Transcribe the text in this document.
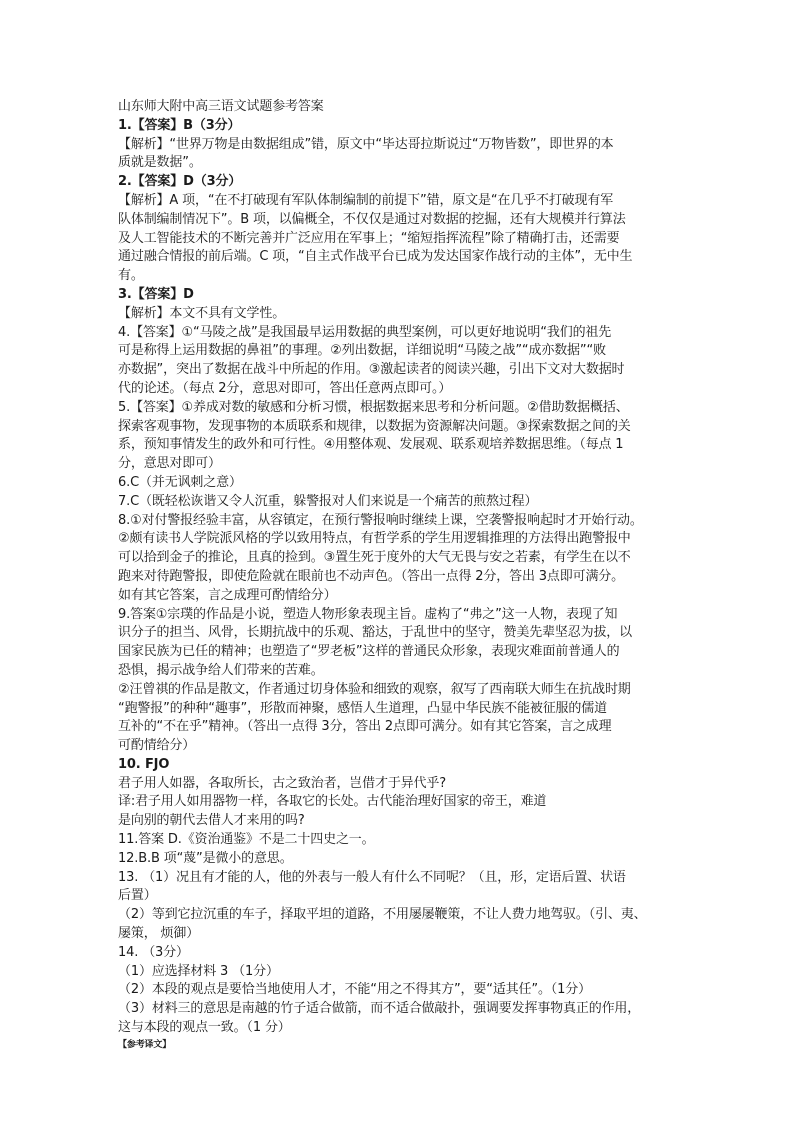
山东师大附中高三语文试题参考答案
1.【答案】B（3分）
【解析】“世界万物是由数据组成”错，原文中“毕达哥拉斯说过“万物皆数”，即世界的本
质就是数据”。
2.【答案】D（3分）
【解析】A 项，“在不打破现有军队体制编制的前提下”错，原文是“在几乎不打破现有军
队体制编制情况下”。B 项，以偏概全，不仅仅是通过对数据的挖掘，还有大规模并行算法
及人工智能技术的不断完善并广泛应用在军事上；“缩短指挥流程”除了精确打击，还需要
通过融合情报的前后端。C 项，“自主式作战平台已成为发达国家作战行动的主体”，无中生
有。
3.【答案】D
【解析】本文不具有文学性。
4.【答案】①“马陵之战”是我国最早运用数据的典型案例，可以更好地说明“我们的祖先
可是称得上运用数据的鼻祖”的事理。②列出数据，详细说明“马陵之战”“成亦数据”“败
亦数据”，突出了数据在战斗中所起的作用。③激起读者的阅读兴趣，引出下文对大数据时
代的论述。（每点 2分，意思对即可，答出任意两点即可。）
5.【答案】①养成对数的敏感和分析习惯，根据数据来思考和分析问题。②借助数据概括、
探索客观事物，发现事物的本质联系和规律，以数据为资源解决问题。③探索数据之间的关
系，预知事情发生的政外和可行性。④用整体观、发展观、联系观培养数据思维。（每点 1
分，意思对即可）
6.C（并无讽刺之意）
7.C（既轻松诙谐又令人沉重，躲警报对人们来说是一个痛苦的煎熬过程）
8.①对付警报经验丰富，从容镇定，在预行警报响时继续上课，空袭警报响起时才开始行动。
②颇有读书人学院派风格的学以致用特点，有哲学系的学生用逻辑推理的方法得出跑警报中
可以拾到金子的推论，且真的捡到。③置生死于度外的大气无畏与安之若素，有学生在以不
跑来对待跑警报，即使危险就在眼前也不动声色。（答出一点得 2分，答出 3点即可满分。
如有其它答案，言之成理可酌情给分）
9.答案①宗璞的作品是小说，塑造人物形象表现主旨。虚构了“弗之”这一人物，表现了知
识分子的担当、风骨，长期抗战中的乐观、豁达，于乱世中的坚守，赞美先辈坚忍为拔，以
国家民族为已任的精神；也塑造了“罗老板”这样的普通民众形象，表现灾难面前普通人的
恐惧，揭示战争给人们带来的苦难。
②汪曾祺的作品是散文，作者通过切身体验和细致的观察，叙写了西南联大师生在抗战时期
“跑警报”的种种“趣事”，形散而神聚，感悟人生道理，凸显中华民族不能被征服的儒道
互补的“不在乎”精神。（答出一点得 3分，答出 2点即可满分。如有其它答案，言之成理
可酌情给分）
10. FJO
君子用人如器，各取所长，古之致治者，岂借才于异代乎?
译:君子用人如用器物一样，各取它的长处。古代能治理好国家的帝王，难道
是向别的朝代去借人才来用的吗?
11.答案 D.《资治通鉴》不是二十四史之一。
12.B.B 项“蔑”是微小的意思。
13. （1）况且有才能的人，他的外表与一般人有什么不同呢？（且，形，定语后置、状语
后置）
（2）等到它拉沉重的车子，择取平坦的道路，不用屡屡鞭策，不让人费力地驾驭。（引、夷、
屡策， 烦御）
14. （3分）
（1）应选择材料 3 （1分）
（2）本段的观点是要恰当地使用人才，不能“用之不得其方”，要“适其任”。（1分）
（3）材料三的意思是南越的竹子适合做箭，而不适合做敲扑，强调要发挥事物真正的作用，
这与本段的观点一致。（1 分）
【参考译文】
